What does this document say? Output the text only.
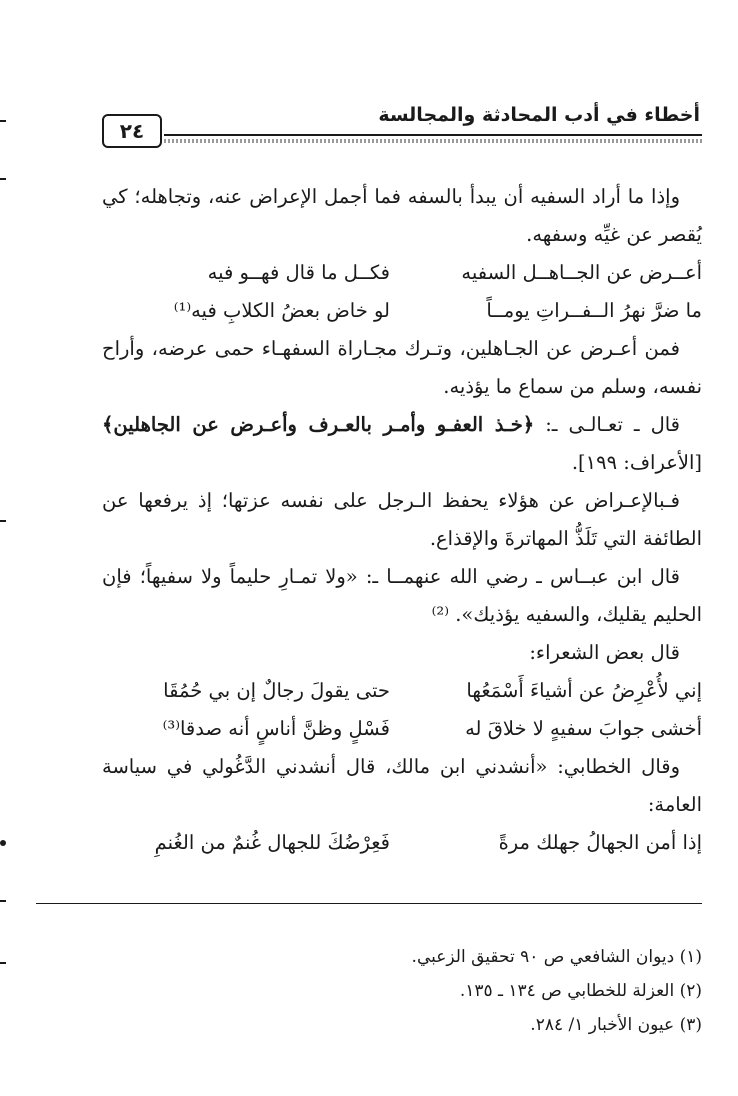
أخطاء في أدب المحادثة والمجالسة
٢٤

وإذا ما أراد السفيه أن يبدأ بالسفه فما أجمل الإعراض عنه، وتجاهله؛ كي يُقصر عن غيِّه وسفهه.

أعــرض عن الجــاهــل السفيه
فكــل ما قال فهــو فيه
ما ضرَّ نهرُ الــفــراتِ يومــاً
لو خاض بعضُ الكلابِ فيه⁽¹⁾

فمن أعـرض عن الجـاهلين، وتـرك مجـاراة السفهـاء حمى عرضه، وأراح نفسه، وسلم من سماع ما يؤذيه.

قال ـ تعـالـى ـ: ﴿خـذ العفـو وأمـر بالعـرف وأعـرض عن الجاهلين﴾ [الأعراف: ١٩٩].

فـبالإعـراض عن هؤلاء يحفظ الـرجل على نفسه عزتها؛ إذ يرفعها عن الطائفة التي تَلَذُّ المهاترةَ والإقذاع.

قال ابن عبــاس ـ رضي الله عنهمــا ـ: «ولا تمـارِ حليماً ولا سفيهاً؛ فإن الحليم يقليك، والسفيه يؤذيك». ⁽²⁾

قال بعض الشعراء:

إني لأُعْرِضُ عن أشياءَ أَسْمَعُها
حتى يقولَ رجالٌ إن بي حُمُقَا
أخشى جوابَ سفيهٍ لا خلاقَ له
فَسْلٍ وظنَّ أناسٍ أنه صدقا⁽³⁾

وقال الخطابي: «أنشدني ابن مالك، قال أنشدني الدَّغُولي في سياسة العامة:

إذا أمن الجهالُ جهلك مرةً
فَعِرْضُكَ للجهال غُنمٌ من الغُنمِ

(١) ديوان الشافعي ص ٩٠ تحقيق الزعبي.

(٢) العزلة للخطابي ص ١٣٤ ـ ١٣٥.

(٣) عيون الأخبار ١/ ٢٨٤.
